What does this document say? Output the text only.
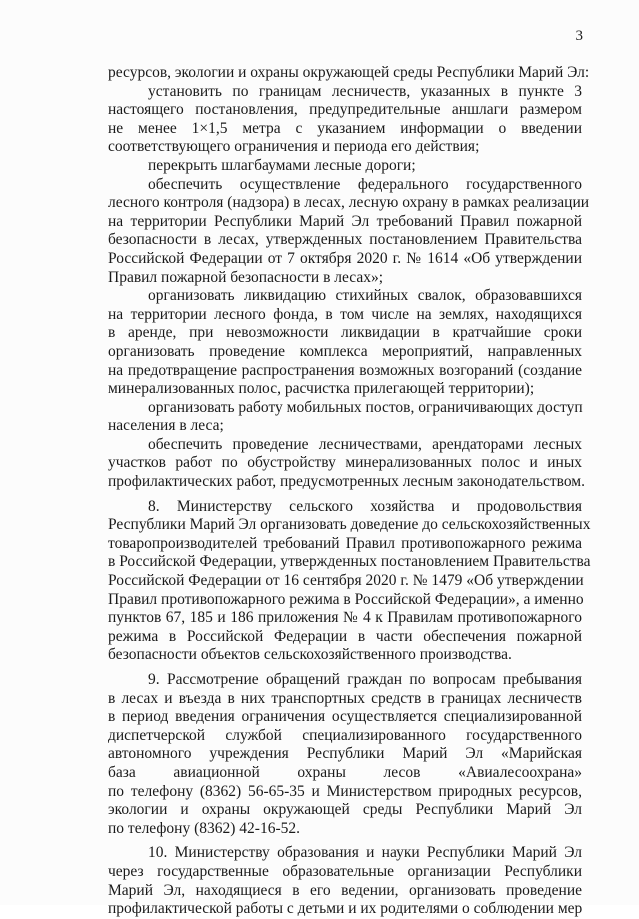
3
ресурсов, экологии и охраны окружающей среды Республики Марий Эл:
установить по границам лесничеств, указанных в пункте 3
настоящего постановления, предупредительные аншлаги размером
не менее 1×1,5 метра с указанием информации о введении
соответствующего ограничения и периода его действия;
перекрыть шлагбаумами лесные дороги;
обеспечить осуществление федерального государственного
лесного контроля (надзора) в лесах, лесную охрану в рамках реализации
на территории Республики Марий Эл требований Правил пожарной
безопасности в лесах, утвержденных постановлением Правительства
Российской Федерации от 7 октября 2020 г. № 1614 «Об утверждении
Правил пожарной безопасности в лесах»;
организовать ликвидацию стихийных свалок, образовавшихся
на территории лесного фонда, в том числе на землях, находящихся
в аренде, при невозможности ликвидации в кратчайшие сроки
организовать проведение комплекса мероприятий, направленных
на предотвращение распространения возможных возгораний (создание
минерализованных полос, расчистка прилегающей территории);
организовать работу мобильных постов, ограничивающих доступ
населения в леса;
обеспечить проведение лесничествами, арендаторами лесных
участков работ по обустройству минерализованных полос и иных
профилактических работ, предусмотренных лесным законодательством.
8. Министерству сельского хозяйства и продовольствия
Республики Марий Эл организовать доведение до сельскохозяйственных
товаропроизводителей требований Правил противопожарного режима
в Российской Федерации, утвержденных постановлением Правительства
Российской Федерации от 16 сентября 2020 г. № 1479 «Об утверждении
Правил противопожарного режима в Российской Федерации», а именно
пунктов 67, 185 и 186 приложения № 4 к Правилам противопожарного
режима в Российской Федерации в части обеспечения пожарной
безопасности объектов сельскохозяйственного производства.
9. Рассмотрение обращений граждан по вопросам пребывания
в лесах и въезда в них транспортных средств в границах лесничеств
в период введения ограничения осуществляется специализированной
диспетчерской службой специализированного государственного
автономного учреждения Республики Марий Эл «Марийская
база авиационной охраны лесов «Авиалесоохрана»
по телефону (8362) 56-65-35 и Министерством природных ресурсов,
экологии и охраны окружающей среды Республики Марий Эл
по телефону (8362) 42-16-52.
10. Министерству образования и науки Республики Марий Эл
через государственные образовательные организации Республики
Марий Эл, находящиеся в его ведении, организовать проведение
профилактической работы с детьми и их родителями о соблюдении мер
